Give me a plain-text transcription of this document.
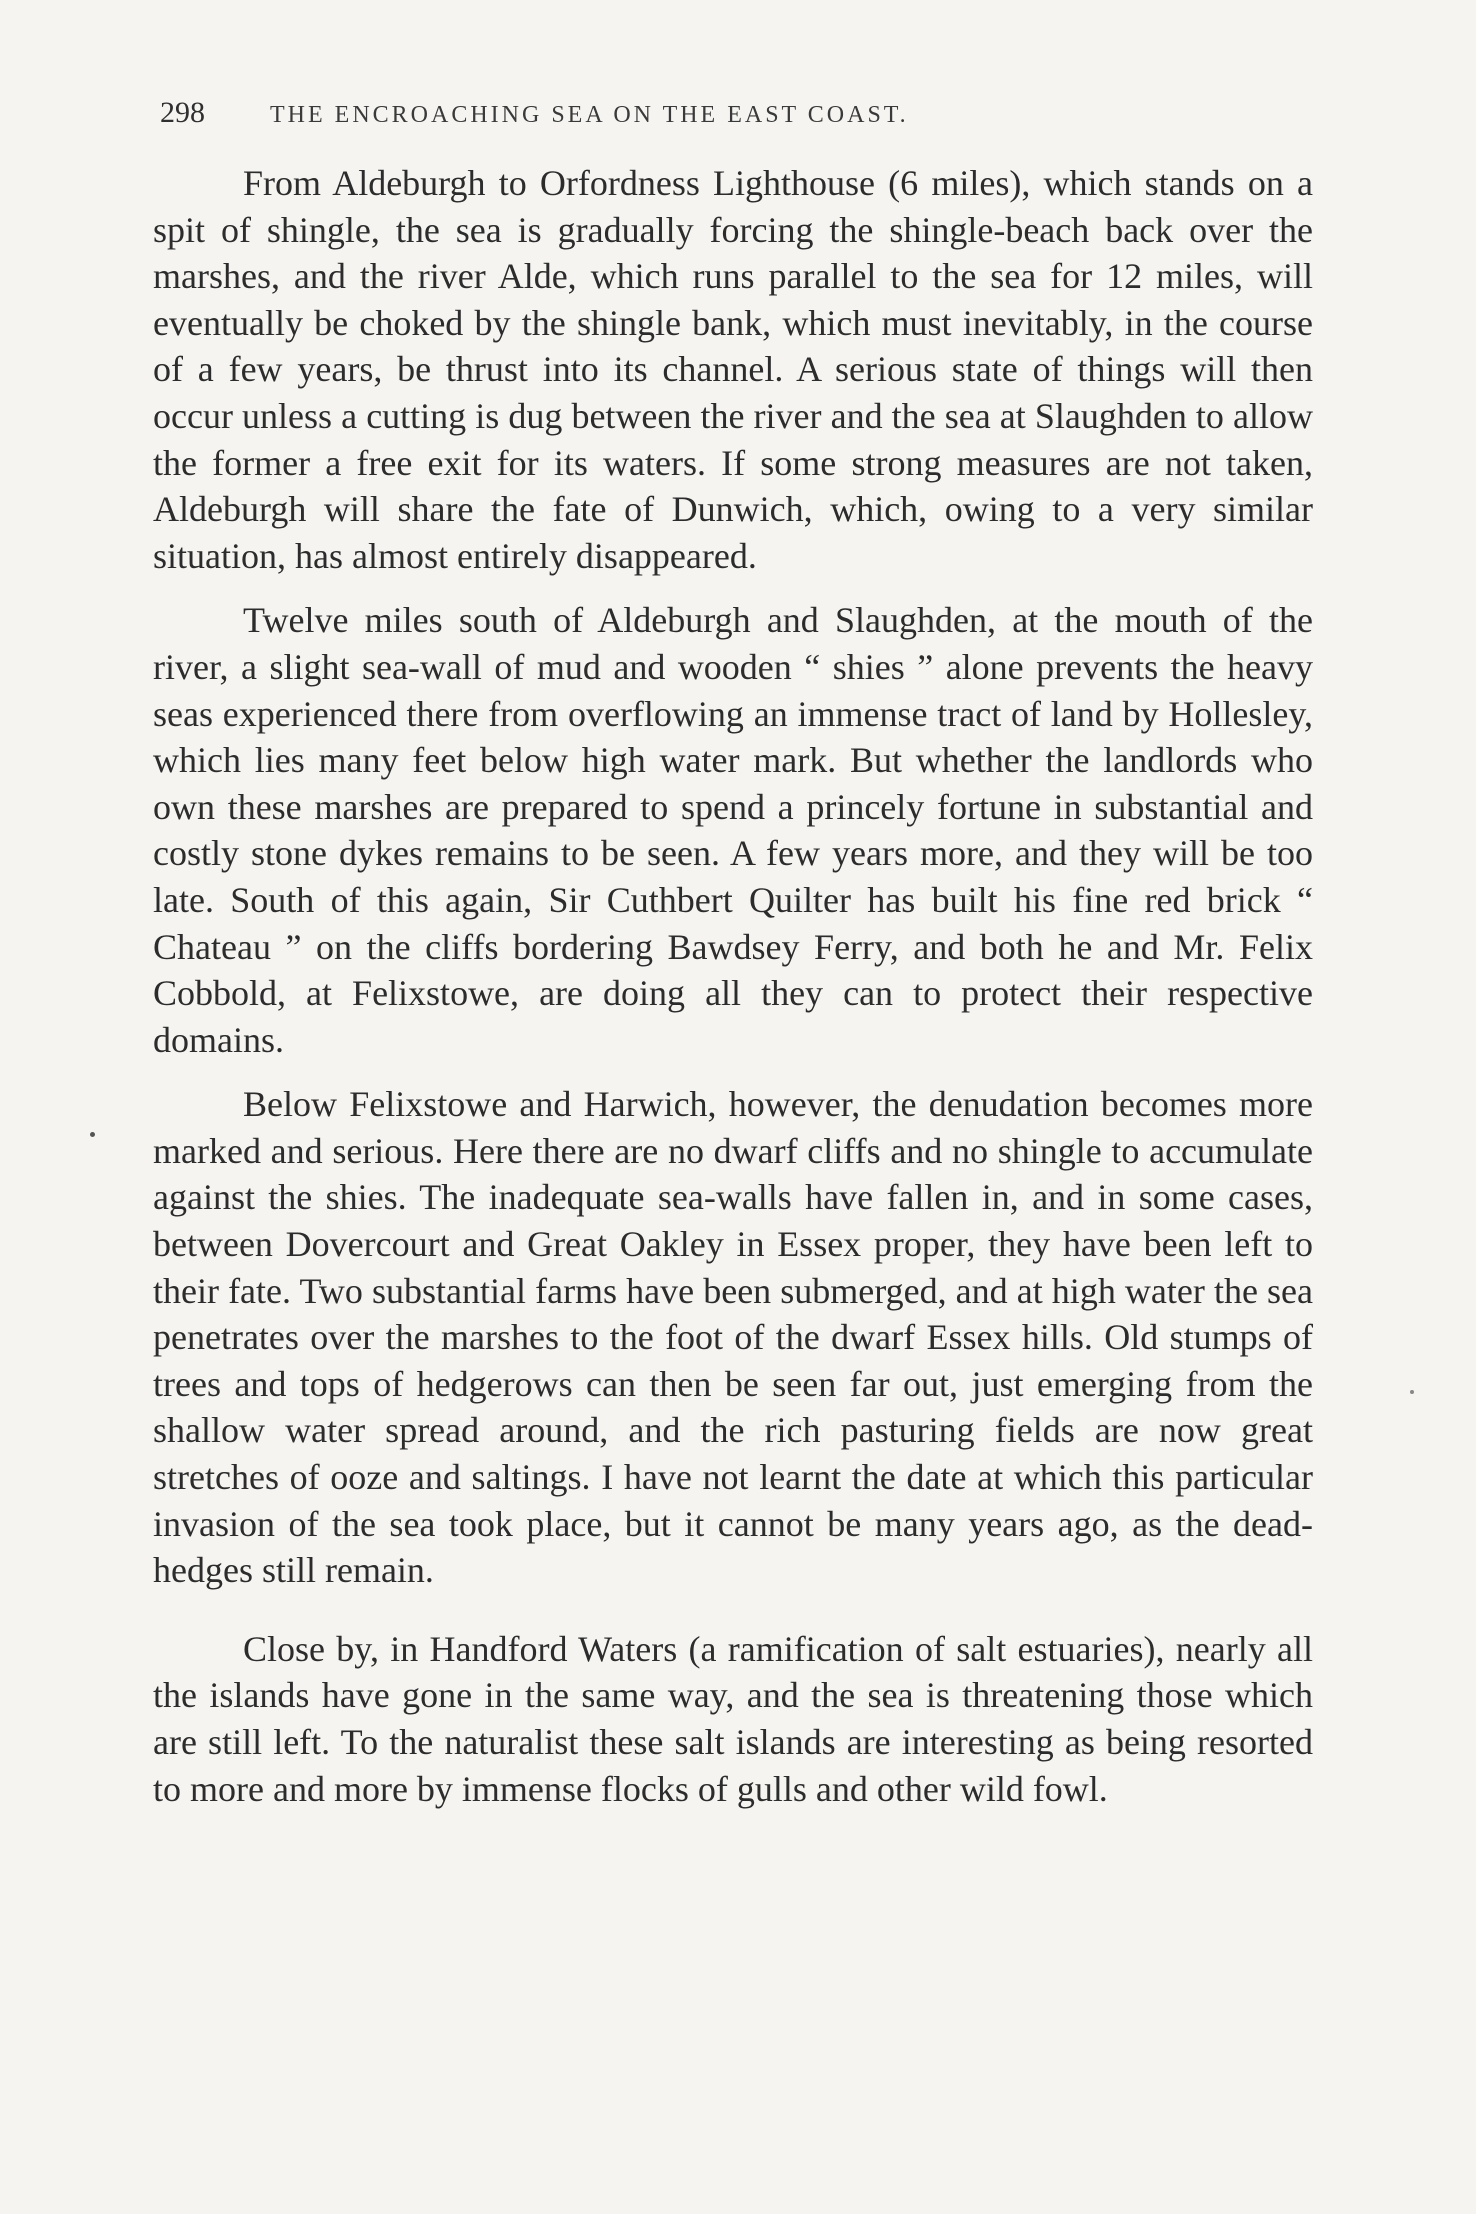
298	THE ENCROACHING SEA ON THE EAST COAST.

From Aldeburgh to Orfordness Lighthouse (6 miles), which stands on a spit of shingle, the sea is gradually forcing the shingle-beach back over the marshes, and the river Alde, which runs parallel to the sea for 12 miles, will eventually be choked by the shingle bank, which must inevitably, in the course of a few years, be thrust into its channel. A serious state of things will then occur unless a cutting is dug between the river and the sea at Slaughden to allow the former a free exit for its waters. If some strong measures are not taken, Aldeburgh will share the fate of Dunwich, which, owing to a very similar situation, has almost entirely disappeared.

Twelve miles south of Aldeburgh and Slaughden, at the mouth of the river, a slight sea-wall of mud and wooden “ shies ” alone prevents the heavy seas experienced there from overflowing an immense tract of land by Hollesley, which lies many feet below high water mark. But whether the landlords who own these marshes are prepared to spend a princely fortune in substantial and costly stone dykes remains to be seen. A few years more, and they will be too late. South of this again, Sir Cuthbert Quilter has built his fine red brick “ Chateau ” on the cliffs bordering Bawdsey Ferry, and both he and Mr. Felix Cobbold, at Felixstowe, are doing all they can to protect their respective domains.

Below Felixstowe and Harwich, however, the denudation becomes more marked and serious. Here there are no dwarf cliffs and no shingle to accumulate against the shies. The inadequate sea-walls have fallen in, and in some cases, between Dovercourt and Great Oakley in Essex proper, they have been left to their fate. Two substantial farms have been submerged, and at high water the sea penetrates over the marshes to the foot of the dwarf Essex hills. Old stumps of trees and tops of hedgerows can then be seen far out, just emerging from the shallow water spread around, and the rich pasturing fields are now great stretches of ooze and saltings. I have not learnt the date at which this particular invasion of the sea took place, but it cannot be many years ago, as the dead-hedges still remain.

Close by, in Handford Waters (a ramification of salt estuaries), nearly all the islands have gone in the same way, and the sea is threatening those which are still left. To the naturalist these salt islands are interesting as being resorted to more and more by immense flocks of gulls and other wild fowl.
